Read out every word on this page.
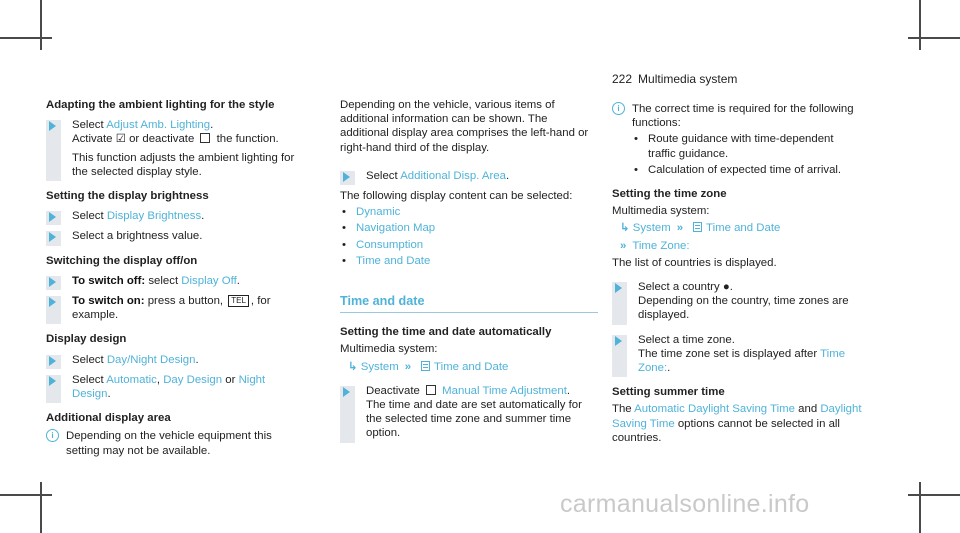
222 Multimedia system
Adapting the ambient lighting for the style
Select Adjust Amb. Lighting.
Activate ☑ or deactivate  the function.
This function adjusts the ambient lighting for the selected display style.
Setting the display brightness
Select Display Brightness.
Select a brightness value.
Switching the display off/on
To switch off: select Display Off.
To switch on: press a button, TEL , for example.
Display design
Select Day/Night Design.
Select Automatic, Day Design or Night Design.
Additional display area
i	Depending on the vehicle equipment this setting may not be available.
Depending on the vehicle, various items of additional information can be shown. The additional display area comprises the left-hand or right-hand third of the display.
Select Additional Disp. Area.
The following display content can be selected:
• Dynamic
• Navigation Map
• Consumption
• Time and Date
Time and date
Setting the time and date automatically
Multimedia system:
↳ System » Time and Date
Deactivate  Manual Time Adjustment.
The time and date are set automatically for the selected time zone and summer time option.
i	The correct time is required for the following functions:
• Route guidance with time-dependent traffic guidance.
• Calculation of expected time of arrival.
Setting the time zone
Multimedia system:
↳ System » Time and Date
» Time Zone:
The list of countries is displayed.
Select a country ●.
Depending on the country, time zones are displayed.
Select a time zone.
The time zone set is displayed after Time Zone:.
Setting summer time
The Automatic Daylight Saving Time and Daylight Saving Time options cannot be selected in all countries.
carmanualsonline.info
